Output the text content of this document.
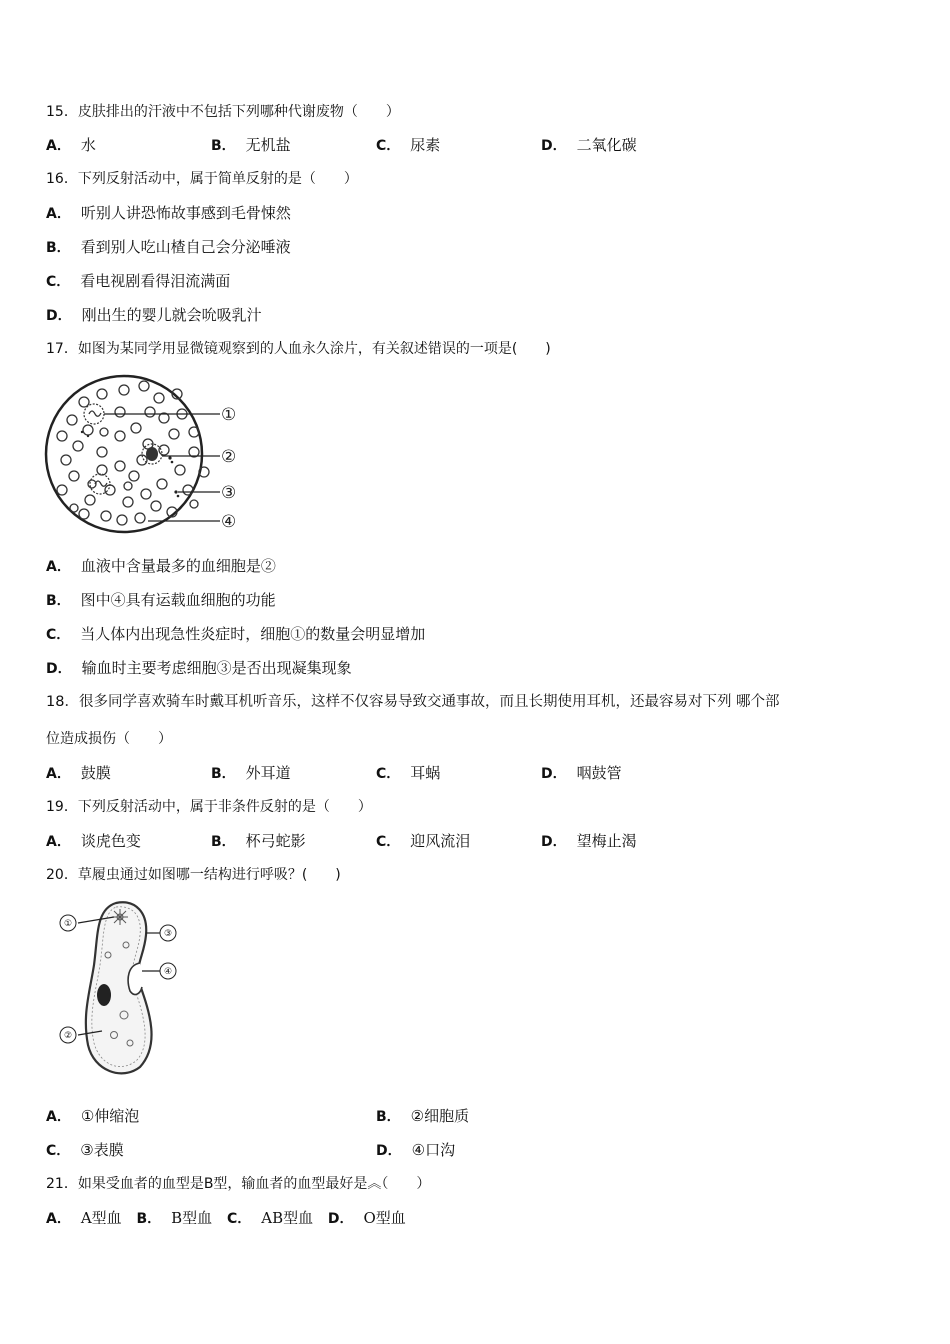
15．皮肤排出的汗液中不包括下列哪种代谢废物（　　）
A． 水	B． 无机盐	C． 尿素	D． 二氧化碳
16．下列反射活动中，属于简单反射的是（　　）
A． 听别人讲恐怖故事感到毛骨悚然
B． 看到别人吃山楂自己会分泌唾液
C． 看电视剧看得泪流满面
D． 刚出生的婴儿就会吮吸乳汁
17．如图为某同学用显微镜观察到的人血永久涂片，有关叙述错误的一项是(　　)
①
②
③
④
A． 血液中含量最多的血细胞是②
B． 图中④具有运载血细胞的功能
C． 当人体内出现急性炎症时，细胞①的数量会明显增加
D． 输血时主要考虑细胞③是否出现凝集现象
18．很多同学喜欢骑车时戴耳机听音乐，这样不仅容易导致交通事故，而且长期使用耳机，还最容易对下列 哪个部
位造成损伤（　　）
A． 鼓膜	B． 外耳道	C． 耳蜗	D． 咽鼓管
19．下列反射活动中，属于非条件反射的是（　　）
A． 谈虎色变	B． 杯弓蛇影	C． 迎风流泪	D． 望梅止渴
20．草履虫通过如图哪一结构进行呼吸？(　　)
①
③
④
②
A． ①伸缩泡	B． ②细胞质
C． ③表膜	D． ④口沟
21．如果受血者的血型是B型，输血者的血型最好是︽（　　）
A． A型血 B． B型血 C． AB型血 D． O型血
